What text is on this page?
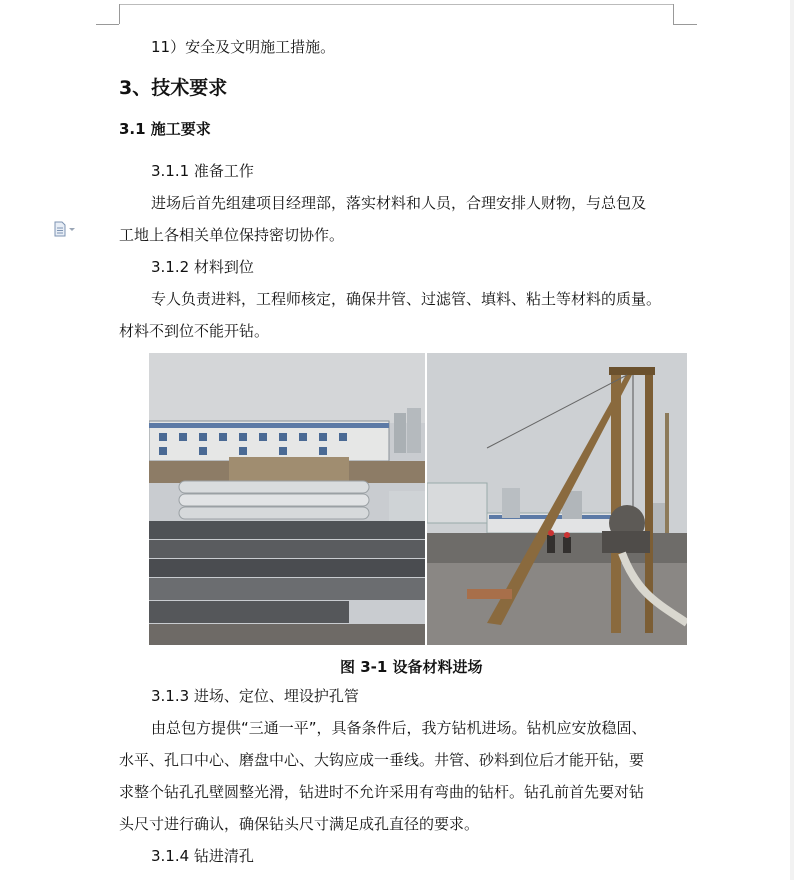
11）安全及文明施工措施。
3、技术要求
3.1 施工要求
3.1.1 准备工作
进场后首先组建项目经理部，落实材料和人员，合理安排人财物，与总包及
工地上各相关单位保持密切协作。
3.1.2 材料到位
专人负责进料，工程师核定，确保井管、过滤管、填料、粘土等材料的质量。
材料不到位不能开钻。
图 3-1 设备材料进场
3.1.3 进场、定位、埋设护孔管
由总包方提供“三通一平”，具备条件后，我方钻机进场。钻机应安放稳固、
水平、孔口中心、磨盘中心、大钩应成一垂线。井管、砂料到位后才能开钻，要
求整个钻孔孔壁圆整光滑，钻进时不允许采用有弯曲的钻杆。钻孔前首先要对钻
头尺寸进行确认，确保钻头尺寸满足成孔直径的要求。
3.1.4 钻进清孔
